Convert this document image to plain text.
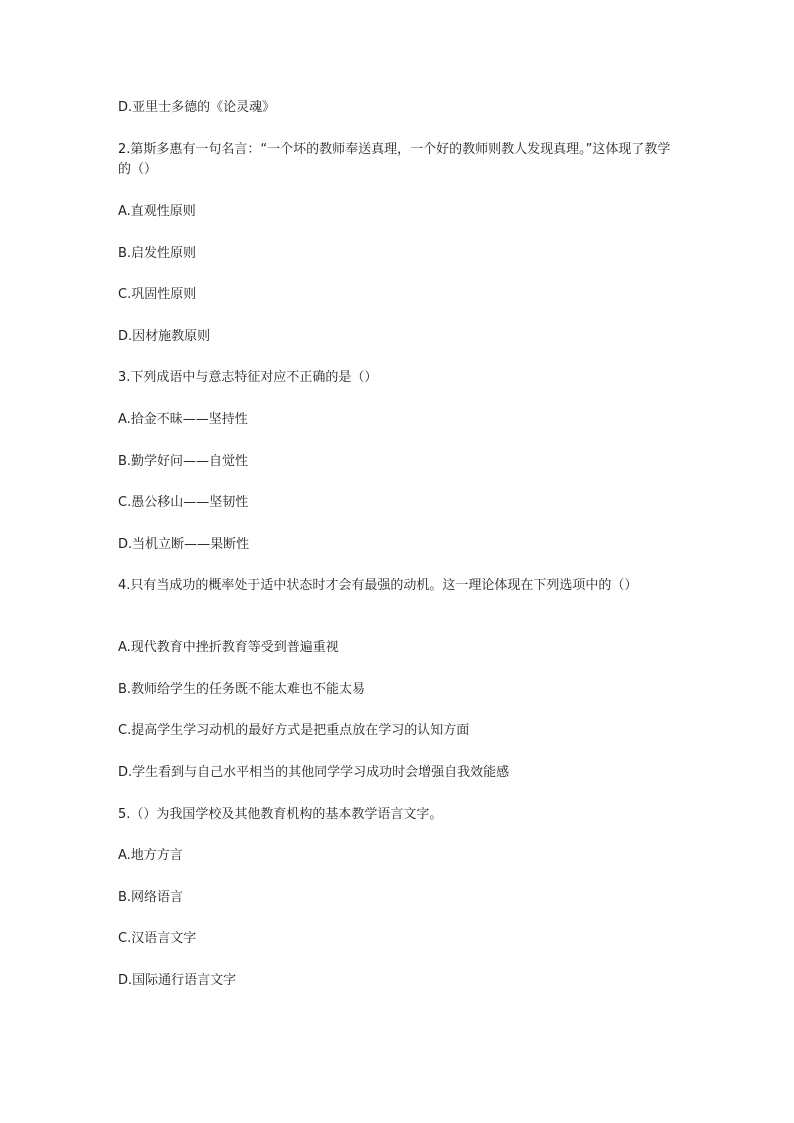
D.亚里士多德的《论灵魂》
2.第斯多惠有一句名言：“一个坏的教师奉送真理，一个好的教师则教人发现真理。”这体现了教学的（）
A.直观性原则
B.启发性原则
C.巩固性原则
D.因材施教原则
3.下列成语中与意志特征对应不正确的是（）
A.拾金不昧——坚持性
B.勤学好问——自觉性
C.愚公移山——坚韧性
D.当机立断——果断性
4.只有当成功的概率处于适中状态时才会有最强的动机。这一理论体现在下列选项中的（）
A.现代教育中挫折教育等受到普遍重视
B.教师给学生的任务既不能太难也不能太易
C.提高学生学习动机的最好方式是把重点放在学习的认知方面
D.学生看到与自己水平相当的其他同学学习成功时会增强自我效能感
5.（）为我国学校及其他教育机构的基本教学语言文字。
A.地方方言
B.网络语言
C.汉语言文字
D.国际通行语言文字
